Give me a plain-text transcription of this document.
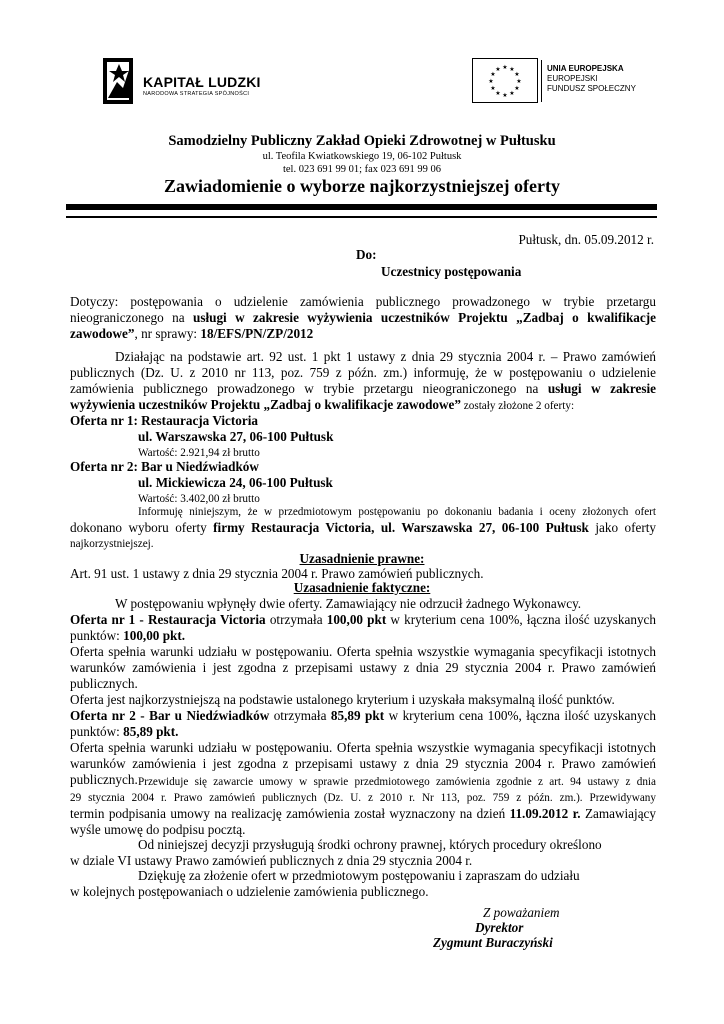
KAPITAŁ LUDZKI
NARODOWA STRATEGIA SPÓJNOŚCI
★ ★
★
★
★
★
★
★
★
★
★
★	UNIA EUROPEJSKA
EUROPEJSKI
FUNDUSZ SPOŁECZNY
Samodzielny Publiczny Zakład Opieki Zdrowotnej w Pułtusku
ul. Teofila Kwiatkowskiego 19, 06-102 Pułtusk
tel. 023 691 99 01; fax 023 691 99 06
Zawiadomienie o wyborze najkorzystniejszej oferty
Pułtusk, dn. 05.09.2012 r.
Do:
Uczestnicy postępowania
Dotyczy: postępowania o udzielenie zamówienia publicznego prowadzonego w trybie przetargu
nieograniczonego na usługi w zakresie wyżywienia uczestników Projektu „Zadbaj o kwalifikacje
zawodowe”, nr sprawy: 18/EFS/PN/ZP/2012
Działając na podstawie art. 92 ust. 1 pkt 1 ustawy z dnia 29 stycznia 2004 r. – Prawo zamówień
publicznych (Dz. U. z 2010 nr 113, poz. 759 z późn. zm.) informuję, że w postępowaniu o udzielenie
zamówienia publicznego prowadzonego w trybie przetargu nieograniczonego na usługi w zakresie
wyżywienia uczestników Projektu „Zadbaj o kwalifikacje zawodowe” zostały złożone 2 oferty:
Oferta nr 1: Restauracja Victoria
ul. Warszawska 27, 06-100 Pułtusk
Wartość: 2.921,94 zł brutto
Oferta nr 2: Bar u Niedźwiadków
ul. Mickiewicza 24, 06-100 Pułtusk
Wartość: 3.402,00 zł brutto
Informuję niniejszym, że w przedmiotowym postępowaniu po dokonaniu badania i oceny złożonych ofert
dokonano wyboru oferty firmy Restauracja Victoria, ul. Warszawska 27, 06-100 Pułtusk jako oferty
najkorzystniejszej.
Uzasadnienie prawne:
Art. 91 ust. 1 ustawy z dnia 29 stycznia 2004 r. Prawo zamówień publicznych.
Uzasadnienie faktyczne:
W postępowaniu wpłynęły dwie oferty. Zamawiający nie odrzucił żadnego Wykonawcy.
Oferta nr 1 - Restauracja Victoria otrzymała 100,00 pkt w kryterium cena 100%, łączna ilość uzyskanych
punktów: 100,00 pkt.
Oferta spełnia warunki udziału w postępowaniu. Oferta spełnia wszystkie wymagania specyfikacji istotnych
warunków zamówienia i jest zgodna z przepisami ustawy z dnia 29 stycznia 2004 r. Prawo zamówień
publicznych.
Oferta jest najkorzystniejszą na podstawie ustalonego kryterium i uzyskała maksymalną ilość punktów.
Oferta nr 2 - Bar u Niedźwiadków otrzymała 85,89 pkt w kryterium cena 100%, łączna ilość uzyskanych
punktów: 85,89 pkt.
Oferta spełnia warunki udziału w postępowaniu. Oferta spełnia wszystkie wymagania specyfikacji istotnych
warunków zamówienia i jest zgodna z przepisami ustawy z dnia 29 stycznia 2004 r. Prawo zamówień
publicznych. Przewiduje się zawarcie umowy w sprawie przedmiotowego zamówienia zgodnie z art. 94 ustawy z dnia
29 stycznia 2004 r. Prawo zamówień publicznych (Dz. U. z 2010 r. Nr 113, poz. 759 z późn. zm.). Przewidywany
termin podpisania umowy na realizację zamówienia został wyznaczony na dzień 11.09.2012 r. Zamawiający
wyśle umowę do podpisu pocztą.
Od niniejszej decyzji przysługują środki ochrony prawnej, których procedury określono
w dziale VI ustawy Prawo zamówień publicznych z dnia 29 stycznia 2004 r.
Dziękuję za złożenie ofert w przedmiotowym postępowaniu i zapraszam do udziału
w kolejnych postępowaniach o udzielenie zamówienia publicznego.
Z poważaniem
Dyrektor
Zygmunt Buraczyński
